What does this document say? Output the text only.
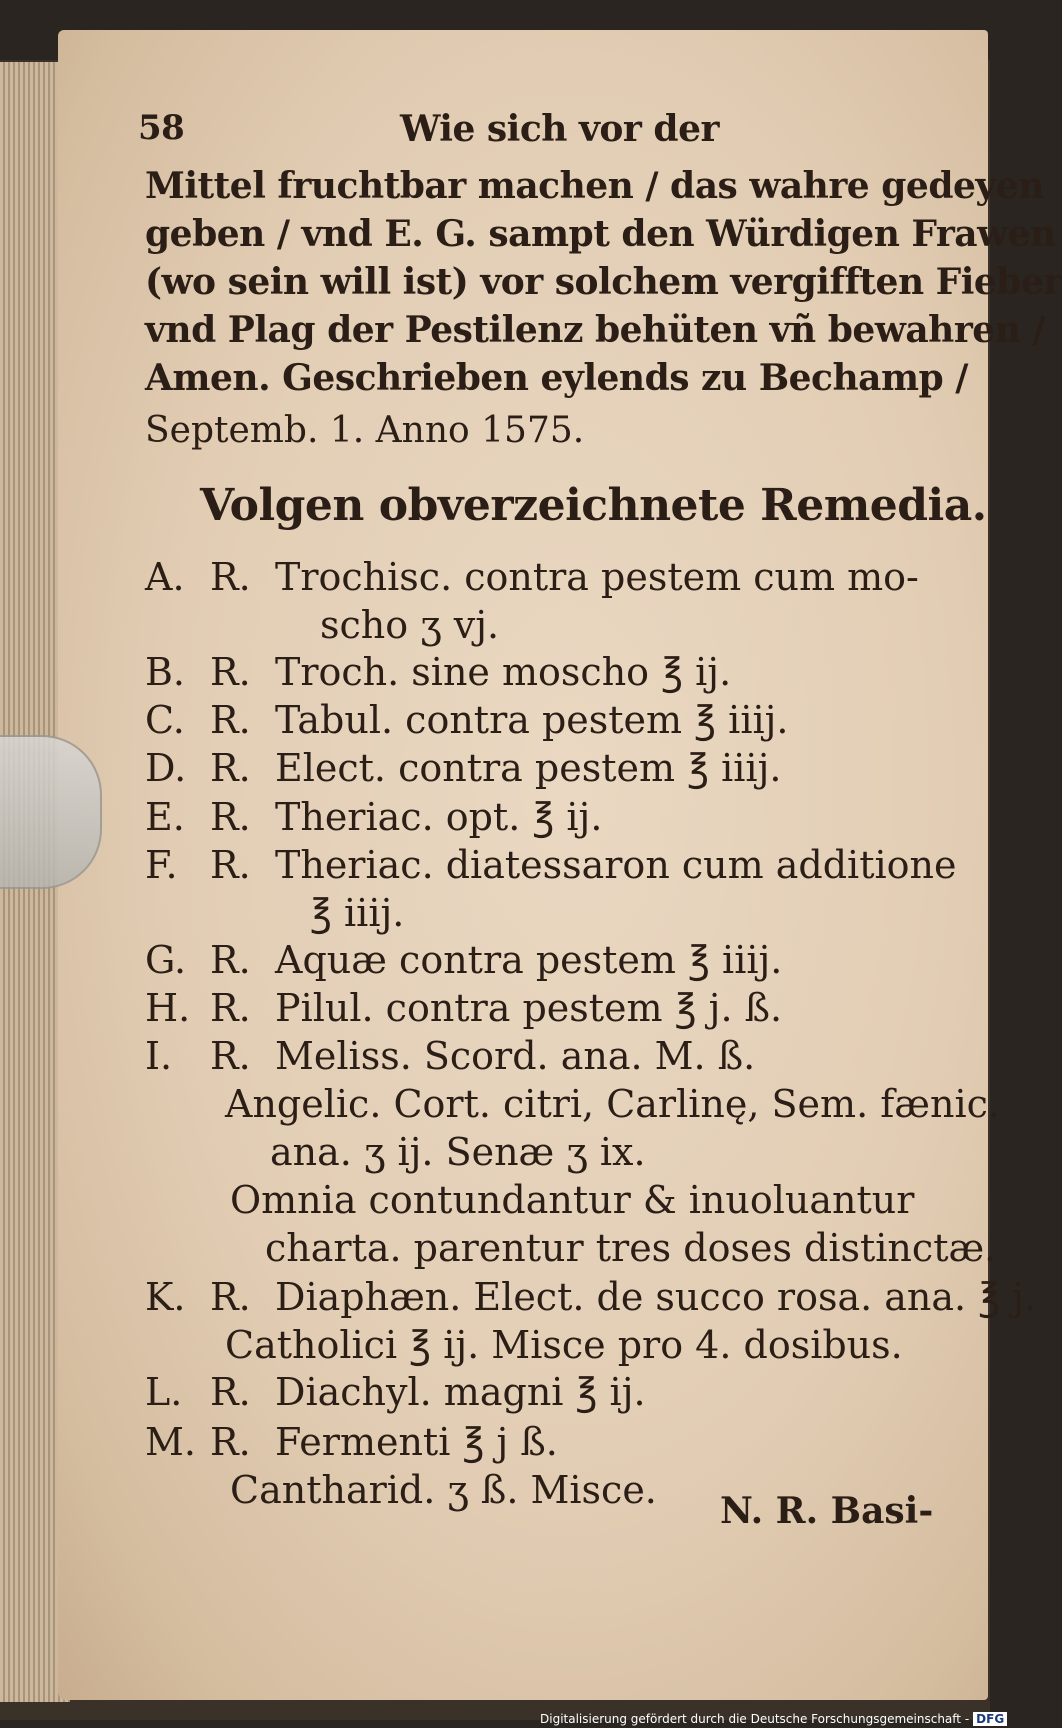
58	Wie sich vor der
Mittel fruchtbar machen / das wahre gedeyen
geben / vnd E. G. sampt den Würdigen Frawen
(wo sein will ist) vor solchem vergifften Fieber
vnd Plag der Pestilenz behüten vñ bewahren /
Amen. Geschrieben eylends zu Bechamp /
Septemb. 1. Anno 1575.
Volgen obverzeichnete Remedia.
A. R. Trochisc. contra pestem cum mo-
scho ʒ vj.
B. R. Troch. sine moscho ℥ ij.
C. R. Tabul. contra pestem ℥ iiij.
D. R. Elect. contra pestem ℥ iiij.
E. R. Theriac. opt. ℥ ij.
F. R. Theriac. diatessaron cum additione
℥ iiij.
G. R. Aquæ contra pestem ℥ iiij.
H. R. Pilul. contra pestem ℥ j. ß.
I. R. Meliss. Scord. ana. M. ß.
Angelic. Cort. citri, Carlinę, Sem. fænic.
ana. ʒ ij. Senæ ʒ ix.
Omnia contundantur & inuoluantur
charta. parentur tres doses distinctæ.
K. R. Diaphæn. Elect. de succo rosa. ana. ℥ j.
Catholici ℥ ij. Misce pro 4. dosibus.
L. R. Diachyl. magni ℥ ij.
M. R. Fermenti ℥ j ß.
Cantharid. ʒ ß. Misce. N. R. Basi-
Digitalisierung gefördert durch die Deutsche Forschungsgemeinschaft - DFG
